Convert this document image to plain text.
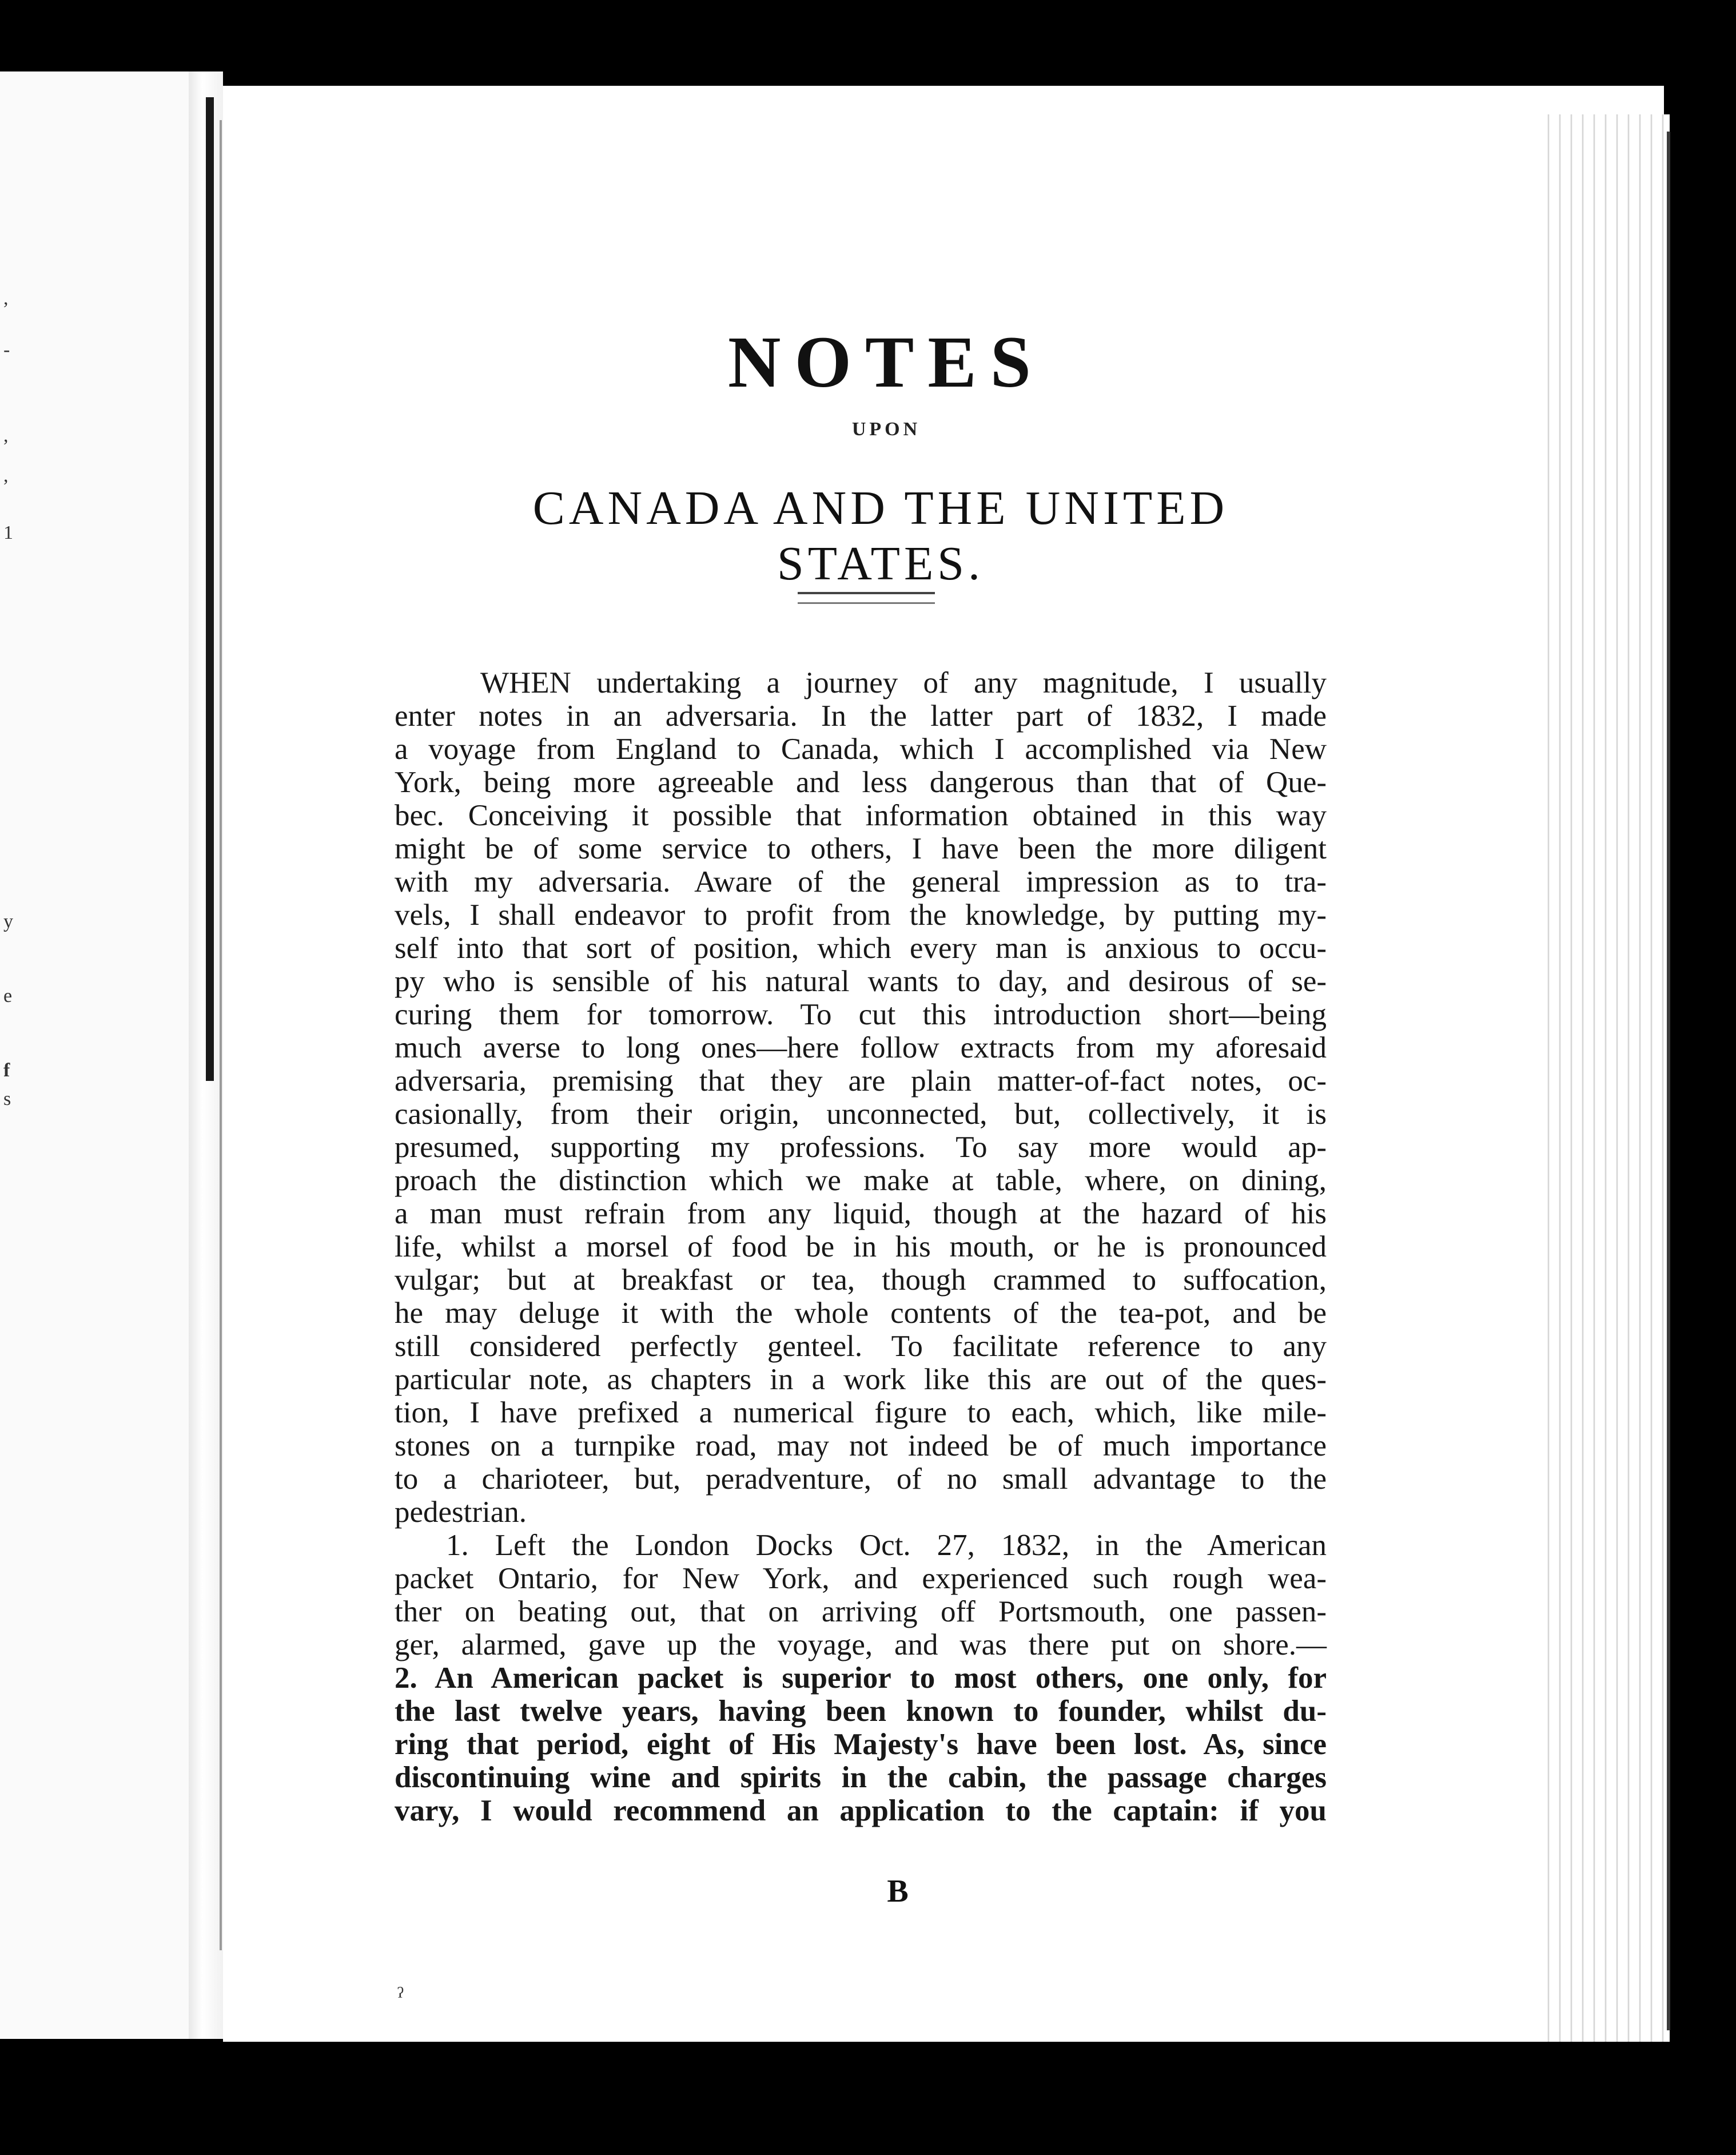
,
-
,
,
1
y
e
f
s
NOTES
UPON
CANADA AND THE UNITED STATES.
WHEN undertaking a journey of any magnitude, I usually
enter notes in an adversaria. In the latter part of 1832, I made
a voyage from England to Canada, which I accomplished via New
York, being more agreeable and less dangerous than that of Que-
bec. Conceiving it possible that information obtained in this way
might be of some service to others, I have been the more diligent
with my adversaria. Aware of the general impression as to tra-
vels, I shall endeavor to profit from the knowledge, by putting my-
self into that sort of position, which every man is anxious to occu-
py who is sensible of his natural wants to day, and desirous of se-
curing them for tomorrow. To cut this introduction short—being
much averse to long ones—here follow extracts from my aforesaid
adversaria, premising that they are plain matter-of-fact notes, oc-
casionally, from their origin, unconnected, but, collectively, it is
presumed, supporting my professions. To say more would ap-
proach the distinction which we make at table, where, on dining,
a man must refrain from any liquid, though at the hazard of his
life, whilst a morsel of food be in his mouth, or he is pronounced
vulgar; but at breakfast or tea, though crammed to suffocation,
he may deluge it with the whole contents of the tea-pot, and be
still considered perfectly genteel. To facilitate reference to any
particular note, as chapters in a work like this are out of the ques-
tion, I have prefixed a numerical figure to each, which, like mile-
stones on a turnpike road, may not indeed be of much importance
to a charioteer, but, peradventure, of no small advantage to the
pedestrian.
1. Left the London Docks Oct. 27, 1832, in the American
packet Ontario, for New York, and experienced such rough wea-
ther on beating out, that on arriving off Portsmouth, one passen-
ger, alarmed, gave up the voyage, and was there put on shore.—
2. An American packet is superior to most others, one only, for
the last twelve years, having been known to founder, whilst du-
ring that period, eight of His Majesty's have been lost. As, since
discontinuing wine and spirits in the cabin, the passage charges
vary, I would recommend an application to the captain: if you
B
ˀ
